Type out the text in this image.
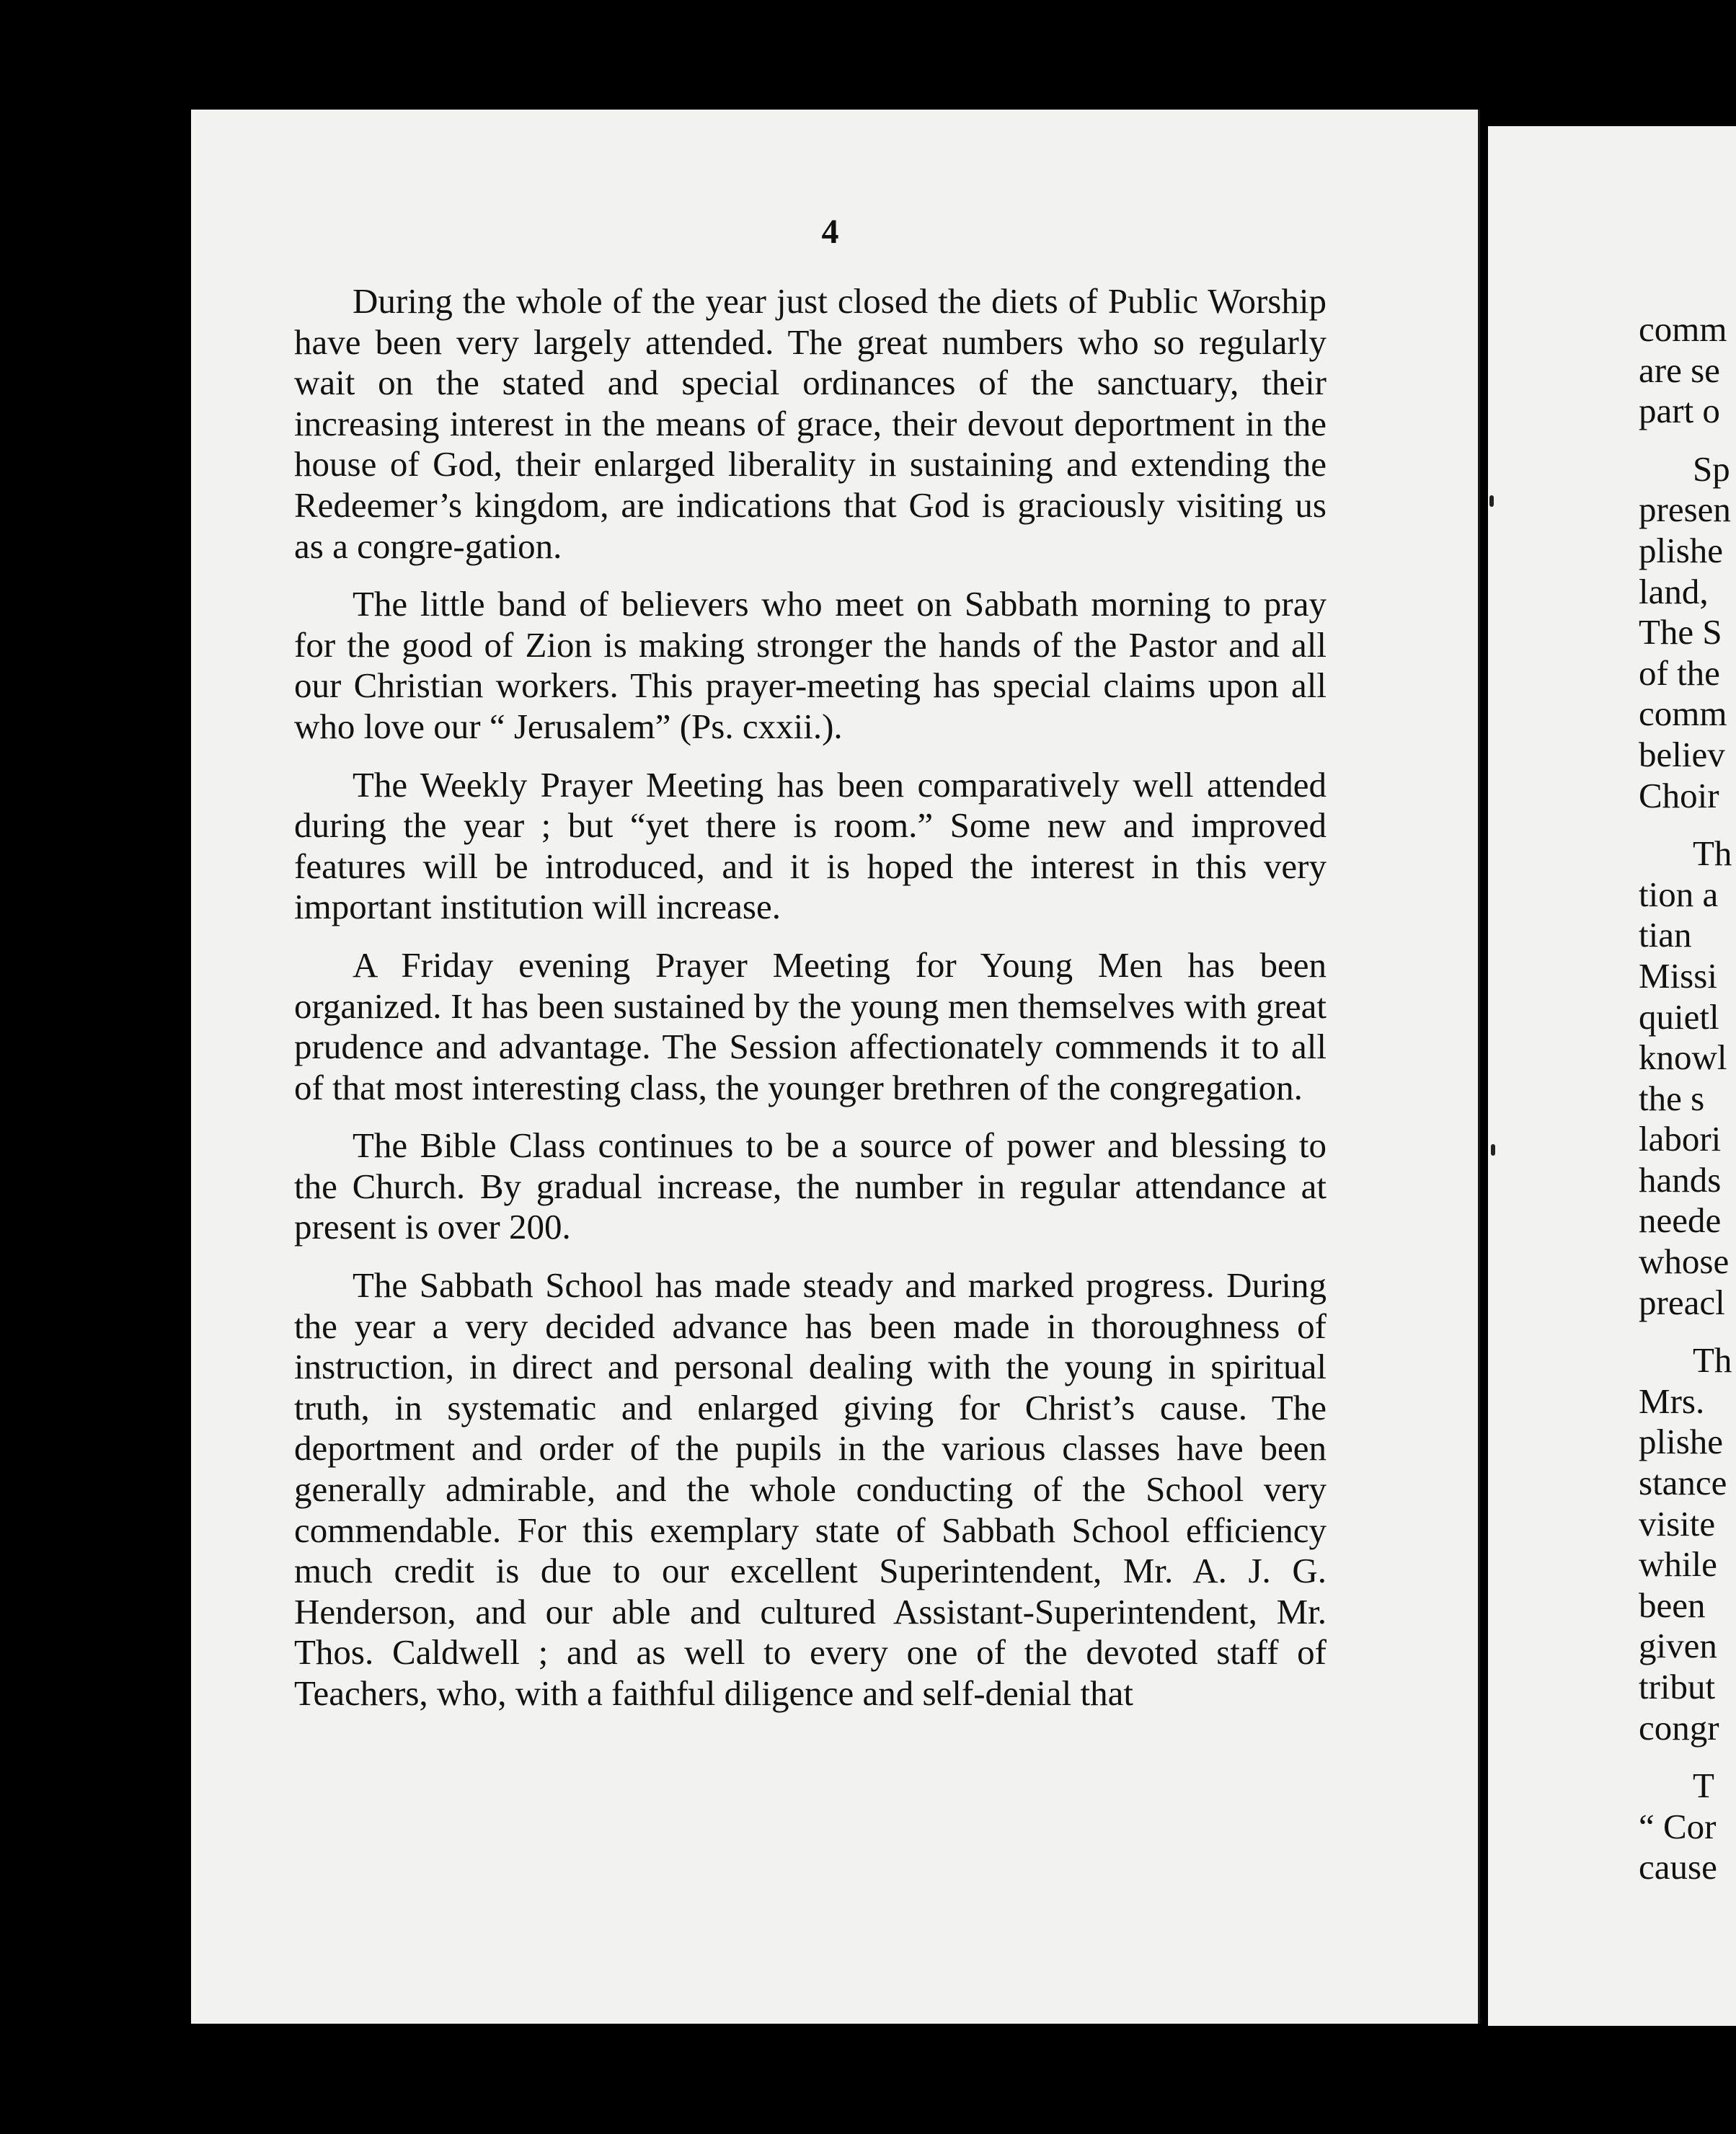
4

During the whole of the year just closed the diets of Public Worship have been very largely attended. The great numbers who so regularly wait on the stated and special ordinances of the sanctuary, their increasing interest in the means of grace, their devout deportment in the house of God, their enlarged liberality in sustaining and extending the Redeemer’s kingdom, are indications that God is graciously visiting us as a congre-gation.

The little band of believers who meet on Sabbath morning to pray for the good of Zion is making stronger the hands of the Pastor and all our Christian workers. This prayer-meeting has special claims upon all who love our “ Jerusalem” (Ps. cxxii.).

The Weekly Prayer Meeting has been comparatively well attended during the year ; but “yet there is room.” Some new and improved features will be introduced, and it is hoped the interest in this very important institution will increase.

A Friday evening Prayer Meeting for Young Men has been organized. It has been sustained by the young men themselves with great prudence and advantage. The Session affectionately commends it to all of that most interesting class, the younger brethren of the congregation.

The Bible Class continues to be a source of power and blessing to the Church. By gradual increase, the number in regular attendance at present is over 200.

The Sabbath School has made steady and marked progress. During the year a very decided advance has been made in thoroughness of instruction, in direct and personal dealing with the young in spiritual truth, in systematic and enlarged giving for Christ’s cause. The deportment and order of the pupils in the various classes have been generally admirable, and the whole conducting of the School very commendable. For this exemplary state of Sabbath School efficiency much credit is due to our excellent Superintendent, Mr. A. J. G. Henderson, and our able and cultured Assistant-Superintendent, Mr. Thos. Caldwell ; and as well to every one of the devoted staff of Teachers, who, with a faithful diligence and self-denial that

comm
are se
part o
Sp
presen
plishe
land,
The S
of the
comm
believ
Choir
Th
tion a
tian
Missi
quietl
knowl
the s
labori
hands
neede
whose
preacl
Th
Mrs.
plishe
stance
visite
while
been
given
tribut
congr
T
“ Cor
cause
